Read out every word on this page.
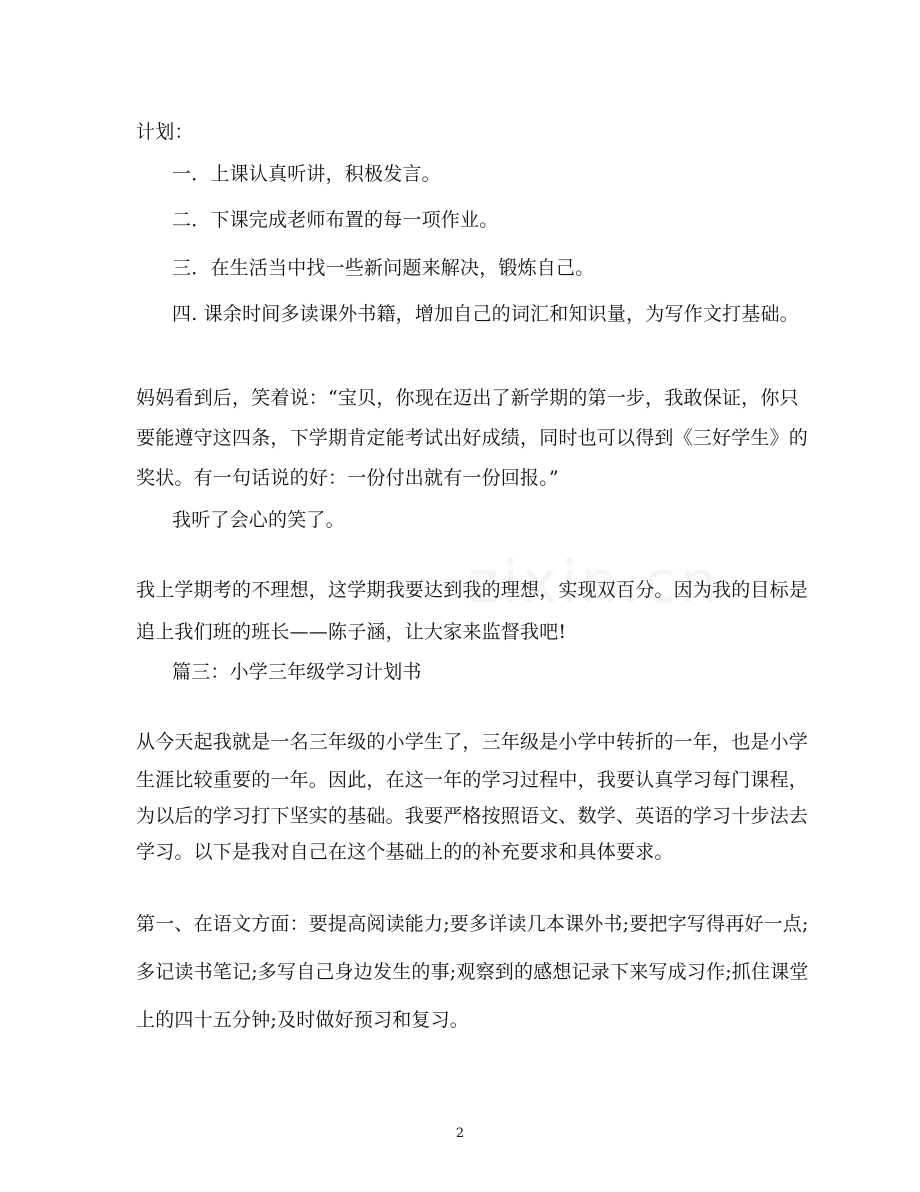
计划：
一．上课认真听讲，积极发言。
二．下课完成老师布置的每一项作业。
三．在生活当中找一些新问题来解决，锻炼自己。
四. 课余时间多读课外书籍，增加自己的词汇和知识量，为写作文打基础。
妈妈看到后，笑着说：“宝贝，你现在迈出了新学期的第一步，我敢保证，你只
要能遵守这四条，下学期肯定能考试出好成绩，同时也可以得到《三好学生》的
奖状。有一句话说的好：一份付出就有一份回报。”
我听了会心的笑了。
我上学期考的不理想，这学期我要达到我的理想，实现双百分。因为我的目标是
追上我们班的班长——陈子涵，让大家来监督我吧!
篇三：小学三年级学习计划书
从今天起我就是一名三年级的小学生了，三年级是小学中转折的一年，也是小学
生涯比较重要的一年。因此，在这一年的学习过程中，我要认真学习每门课程，
为以后的学习打下坚实的基础。我要严格按照语文、数学、英语的学习十步法去
学习。以下是我对自己在这个基础上的的补充要求和具体要求。
第一、在语文方面：要提高阅读能力;要多详读几本课外书;要把字写得再好一点;
多记读书笔记;多写自己身边发生的事;观察到的感想记录下来写成习作;抓住课堂
上的四十五分钟;及时做好预习和复习。
2
